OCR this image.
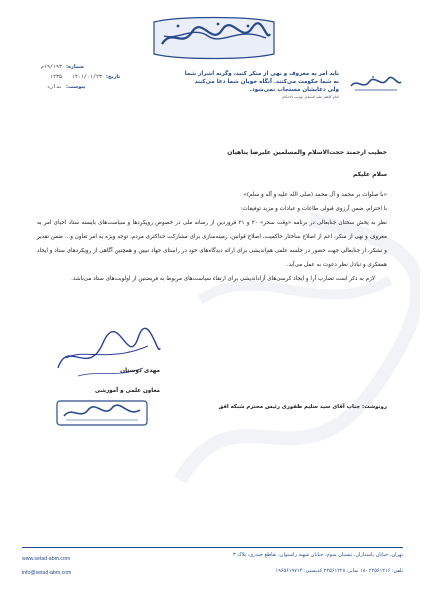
باید امر به معروف و نهی از منکر کنید، وگرنه اشرار شما
به شما حکومت می‌کنند. آنگاه خوبان شما دعا می‌کنند
ولی دعایشان مستجاب نمی‌شود.
امام کاظم علیه السلام، تهذیب الاحکام
شماره:
۱۹/۱۹۳م
تاریخ:
۱۴۰۱/۰۱/۲۳
۱۲۳۵
پیوست:
ندارد

خطیب ارجمند حجت‌الاسلام والمسلمین علیرضا پناهیان

سلام علیکم

«با صلوات بر محمد و آل محمد (صلی الله علیه و آله و سلم)»

با احترام، ضمن آرزوی قبولی طاعات و عبادات و مزید توفیقات:

نظر به پخش سخنان جنابعالی در برنامه «وقت سحر» ۲۰ و ۲۱ فروردین از رسانه ملی در خصوص رویکردها و سیاست‌های بایسته ستاد احیای امر به معروف و نهی از منکر، اعم از اصلاح ساختار حاکمیت، اصلاح قوانین، زمینه‌سازی برای مشارکت حداکثری مردم، توجه ویژه به امر تعاون و... ضمن تقدیر و تشکر، از جنابعالی جهت حضور در جلسه علمی هم‌اندیشی برای ارائه دیدگاه‌های خود در راستای جهاد تبیین و همچنین آگاهی از رویکردهای ستاد و ایجاد همفکری و تبادل نظر دعوت به عمل می‌آید.

لازم به ذکر است تضارب آرا و ایجاد کرسی‌های آزاداندیشی برای ارتقاء سیاست‌های مربوط به فریضتین از اولویت‌های ستاد می‌باشد.

مهدی دوستان
معاون علمی و آموزشی
رونوشت: جناب آقای سید سلیم ظفوری رئیس محترم شبکه افق
تهران، خیابان پاسداران، نیستان سوم، خیابان شهید راستوان، تقاطع چیذری، پلاک ۳
تلفن: ۲۲۵۶۱۲۱۶ -۱۸ نمابر: ۲۲۵۶۱۲۲۸ کدپستی: ۱۹۶۵۶۱۹۷۱۴
www.setad-abm.com
info@setad-abm.com
